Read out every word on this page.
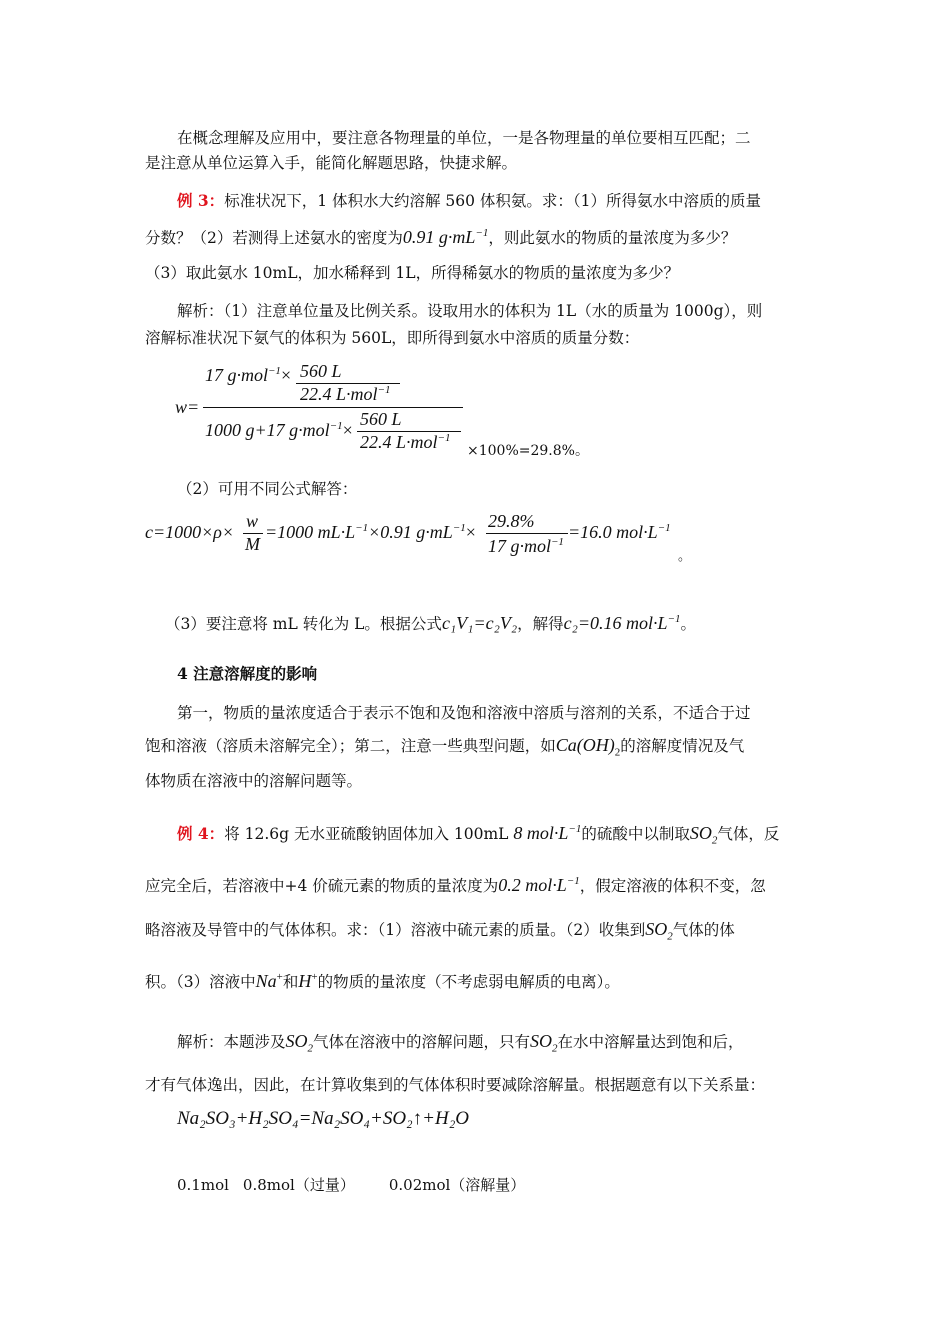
在概念理解及应用中，要注意各物理量的单位，一是各物理量的单位要相互匹配；二
是注意从单位运算入手，能简化解题思路，快捷求解。
例 3：标准状况下，1 体积水大约溶解 560 体积氨。求：（1）所得氨水中溶质的质量
分数？（2）若测得上述氨水的密度为0.91 $g\cdot mL^{-1}$，则此氨水的物质的量浓度为多少？
（3）取此氨水 10mL，加水稀释到 1L，所得稀氨水的物质的量浓度为多少？
解析：（1）注意单位量及比例关系。设取用水的体积为 1L（水的质量为 1000g），则
溶解标准状况下氨气的体积为 560L，即所得到氨水中溶质的质量分数：
17 g·mol$^{-1}$× 560 L
22.4 L·mol$^{-1}$
w=
1000 g+17 g·mol$^{-1}$×
560 L
22.4 L·mol$^{-1}$
×100%=29.8%。
（2）可用不同公式解答：
c=1000×ρ×
w
M
=1000 $mL\cdot L^{-1}\times 0.91$ $g\cdot mL^{-1}\times$
29.8%
17 g·mol$^{-1}$ =16.0 $mol\cdot L^{-1}$
。
（3）要注意将 mL 转化为 L。根据公式c₁V₁=c₂V₂，解得c₂=0.16 $mol\cdot L^{-1}$。
4 注意溶解度的影响
第一，物质的量浓度适合于表示不饱和及饱和溶液中溶质与溶剂的关系，不适合于过
饱和溶液（溶质未溶解完全）；第二，注意一些典型问题，如$Ca(OH)_2$的溶解度情况及气
体物质在溶液中的溶解问题等。
例 4：将 12.6g 无水亚硫酸钠固体加入 100mL 8 $mol\cdot L^{-1}$的硫酸中以制取$SO_2$气体，反
应完全后，若溶液中+4 价硫元素的物质的量浓度为0.2 $mol\cdot L^{-1}$，假定溶液的体积不变，忽
略溶液及导管中的气体体积。求：（1）溶液中硫元素的质量。（2）收集到$SO_2$气体的体
积。（3）溶液中Na+和H+的物质的量浓度（不考虑弱电解质的电离）。
解析：本题涉及$SO_2$气体在溶液中的溶解问题，只有$SO_2$在水中溶解量达到饱和后，
才有气体逸出，因此，在计算收集到的气体体积时要减除溶解量。根据题意有以下关系量：
Na₂SO₃+H₂SO₄=Na₂SO₄+SO₂↑+H₂O
0.1mol 0.8mol（过量） 0.02mol（溶解量）
